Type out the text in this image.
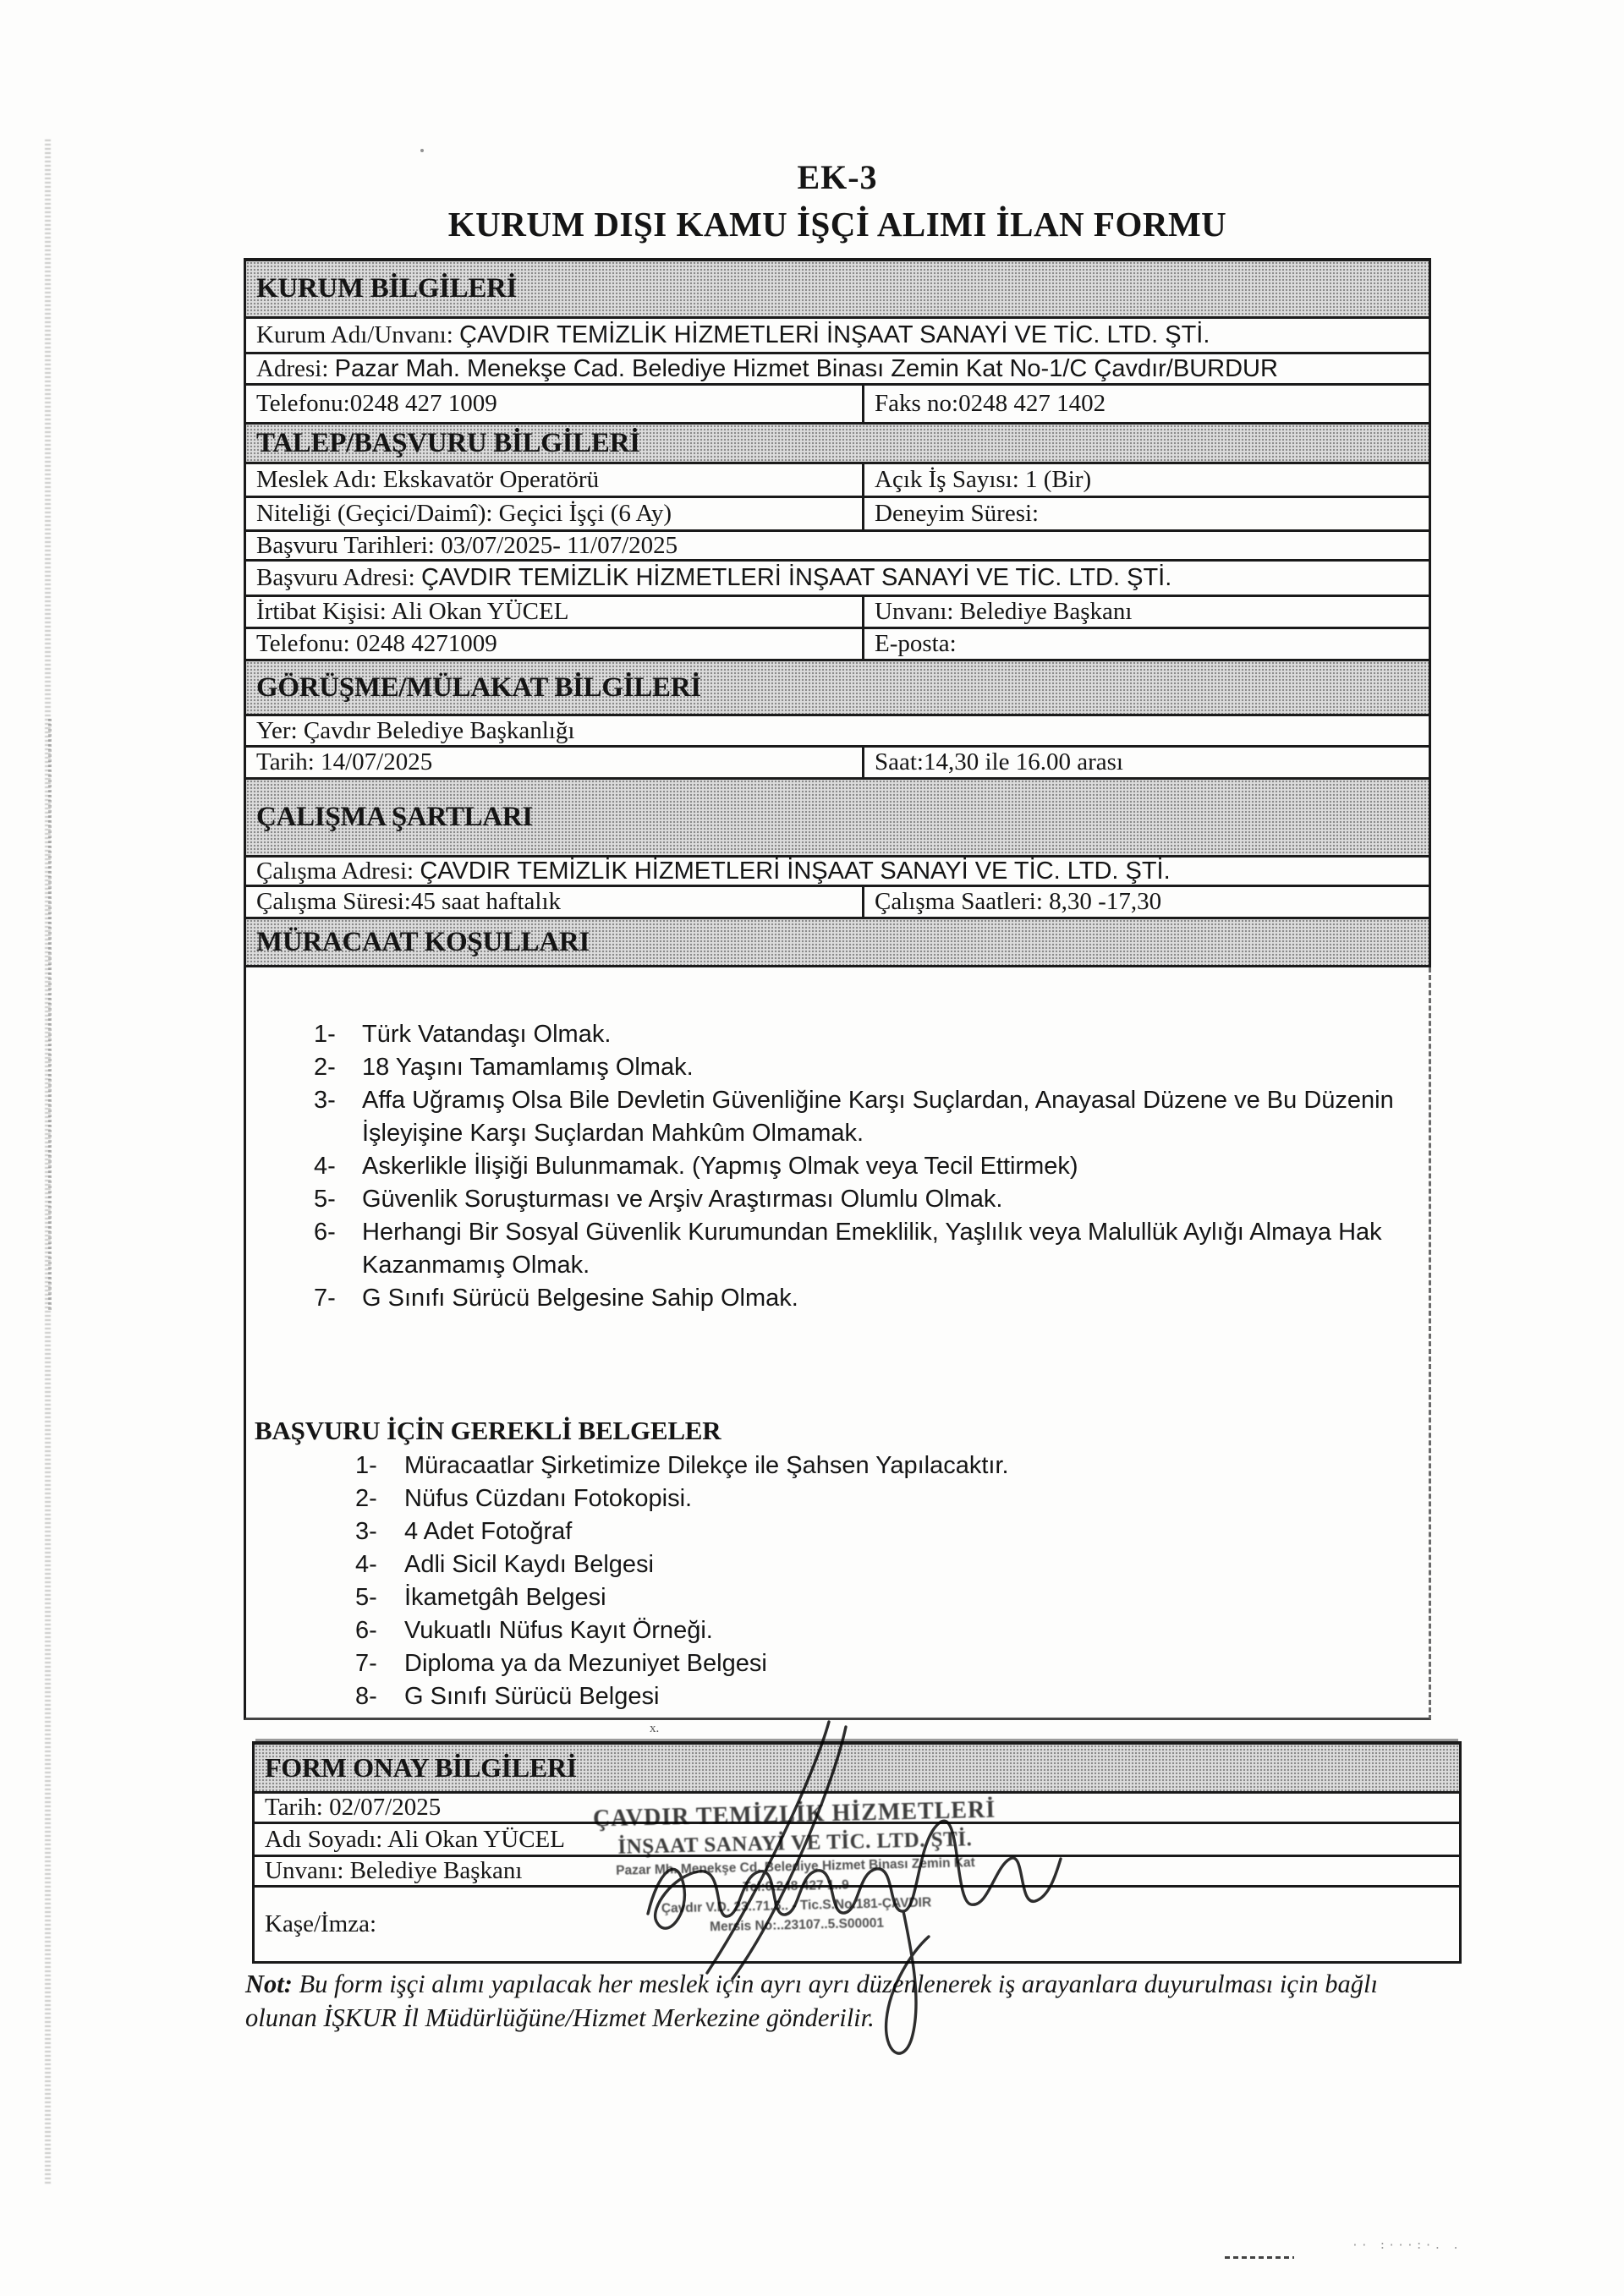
x.
·· :···:·. .
EK-3
KURUM DIŞI KAMU İŞÇİ ALIMI İLAN FORMU
KURUM BİLGİLERİ
Kurum Adı/Unvanı: ÇAVDIR TEMİZLİK HİZMETLERİ İNŞAAT SANAYİ VE TİC. LTD. ŞTİ.
Adresi: Pazar Mah. Menekşe Cad. Belediye Hizmet Binası Zemin Kat No-1/C Çavdır/BURDUR
Telefonu:0248 427 1009	Faks no:0248 427 1402
TALEP/BAŞVURU BİLGİLERİ
Meslek Adı: Ekskavatör Operatörü	Açık İş Sayısı: 1 (Bir)
Niteliği (Geçici/Daimî): Geçici İşçi (6 Ay)	Deneyim Süresi:
Başvuru Tarihleri: 03/07/2025- 11/07/2025
Başvuru Adresi: ÇAVDIR TEMİZLİK HİZMETLERİ İNŞAAT SANAYİ VE TİC. LTD. ŞTİ.
İrtibat Kişisi: Ali Okan YÜCEL	Unvanı: Belediye Başkanı
Telefonu: 0248 4271009	E-posta:
GÖRÜŞME/MÜLAKAT BİLGİLERİ
Yer: Çavdır Belediye Başkanlığı
Tarih: 14/07/2025	Saat:14,30 ile 16.00 arası
ÇALIŞMA ŞARTLARI
Çalışma Adresi: ÇAVDIR TEMİZLİK HİZMETLERİ İNŞAAT SANAYİ VE TİC. LTD. ŞTİ.
Çalışma Süresi:45 saat haftalık	Çalışma Saatleri: 8,30 -17,30
MÜRACAAT KOŞULLARI
1-	Türk Vatandaşı Olmak.
2-	18 Yaşını Tamamlamış Olmak.
3-	Affa Uğramış Olsa Bile Devletin Güvenliğine Karşı Suçlardan, Anayasal Düzene ve Bu Düzenin İşleyişine Karşı Suçlardan Mahkûm Olmamak.
4-	Askerlikle İlişiği Bulunmamak. (Yapmış Olmak veya Tecil Ettirmek)
5-	Güvenlik Soruşturması ve Arşiv Araştırması Olumlu Olmak.
6-	Herhangi Bir Sosyal Güvenlik Kurumundan Emeklilik, Yaşlılık veya Malullük Aylığı Almaya Hak Kazanmamış Olmak.
7-	G Sınıfı Sürücü Belgesine Sahip Olmak.
BAŞVURU İÇİN GEREKLİ BELGELER
1-	Müracaatlar Şirketimize Dilekçe ile Şahsen Yapılacaktır.
2-	Nüfus Cüzdanı Fotokopisi.
3-	4 Adet Fotoğraf
4-	Adli Sicil Kaydı Belgesi
5-	İkametgâh Belgesi
6-	Vukuatlı Nüfus Kayıt Örneği.
7-	Diploma ya da Mezuniyet Belgesi
8-	G Sınıfı Sürücü Belgesi
FORM ONAY BİLGİLERİ
Tarih: 02/07/2025
Adı Soyadı: Ali Okan YÜCEL
Unvanı: Belediye Başkanı
Kaşe/İmza:
ÇAVDIR TEMİZLİK HİZMETLERİ
İNŞAAT SANAYİ VE TİC. LTD. ŞTİ.
Pazar Mh. Menekşe Cd. Belediye Hizmet Binası Zemin Kat
Tel:0.248 427 1..9
Çavdır V.D. 23..71.6.. - Tic.S.No.181-ÇAVDIR
Mersis No:..23107..5.S00001
Not: Bu form işçi alımı yapılacak her meslek için ayrı ayrı düzenlenerek iş arayanlara duyurulması için bağlı olunan İŞKUR İl Müdürlüğüne/Hizmet Merkezine gönderilir.
